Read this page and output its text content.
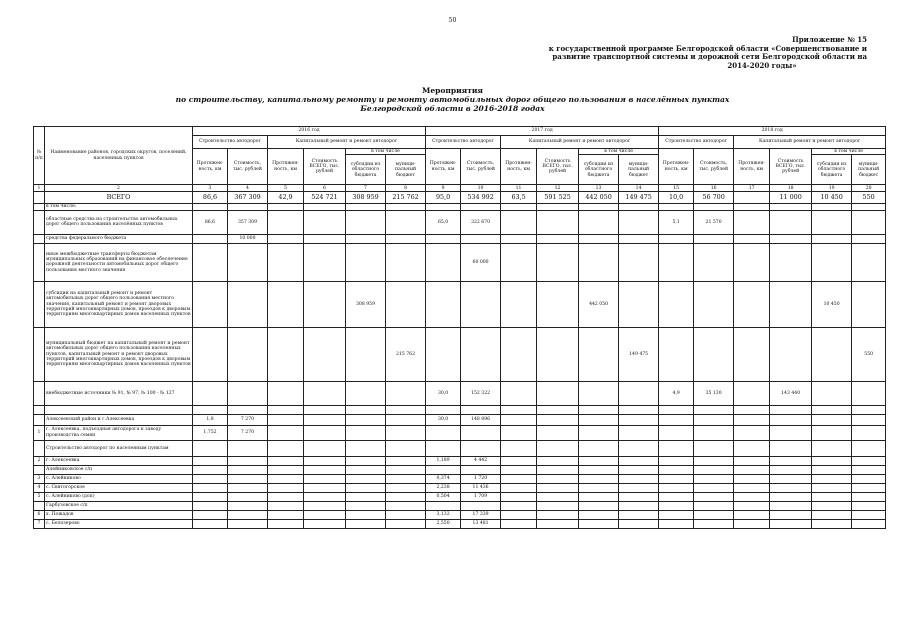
50
Приложение № 15
к государственной программе Белгородской области «Совершенствование и
развитие транспортной системы и дорожной сети Белгородской области на
2014-2020 годы»
Мероприятия
по строительству, капитальному ремонту и ремонту автомобильных дорог общего пользования в населённых пунктах
Белгородской области в 2016-2018 годах
№ п/п	Наименование районов, городских округов, поселений, населенных пунктов	2016 год						2017 год						2018 год					
		Строительство автодорог		Капитальный ремонт и ремонт автодорог				Строительство автодорог		Капитальный ремонт и ремонт автодорог				Строительство автодорог		Капитальный ремонт и ремонт автодорог			
		Протяжен-ность, км	Стоимость, тыс. рублей	Протяжен-ность, км	Стоимость ВСЕГО, тыс. рублей	в том числе		Протяжен-ность, км	Стоимость, тыс. рублей	Протяжен-ность, км	Стоимость ВСЕГО, тыс. рублей	в том числе		Протяжен-ность, км	Стоимость, тыс. рублей	Протяжен-ность, км	Стоимость ВСЕГО, тыс. рублей	в том числе	
						субсидии из областного бюджета	муници-пальный бюджет					субсидии из областного бюджета	муници-пальный бюджет					субсидии из областного бюджета	муници-пальный бюджет
1	2	3	4	5	6	7	8	9	10	11	12	13	14	15	16	17	18	19	20
	ВСЕГО	86,6	367 309	42,9	524 721	308 959	215 762	95,0	534 992	63,5	591 525	442 050	149 475	10,0	56 700		11 000	10 450	550
	в том числе:																		
	областные средства на строительство автомобильных дорог общего пользования населённых пунктов	86,6	357 309					65,0	322 670					5,1	21 570				
	средства федерального бюджета		10 000																
	иные межбюджетные трансферты бюджетам муниципальных образований на финансовое обеспечение дорожной деятельности автомобильных дорог общего пользования местного значения								60 000										
	субсидии на капитальный ремонт и ремонт автомобильных дорог общего пользования местного значения, капитальный ремонт и ремонт дворовых территорий многоквартирных домов, проездов к дворовым территориям многоквартирных домов населенных пунктов					308 959						442 050						10 450	
	муниципальный бюджет на капитальный ремонт и ремонт автомобильных дорог общего пользования населенных пунктов, капитальный ремонт и ремонт дворовых территорий многоквартирных домов, проездов к дворовым территориям многоквартирных домов населенных пунктов						215 762						149 475						550
	внебюджетные источники № 91, № 97, № 100 - № 127							30,0	152 322					4,9	35 130		143 440		

	Алексеевский район и г.Алексеевка	1,8	7 270					30,0	148 896										
1	г. Алексеевка, подъездная автодорога к заводу производства семян	1,752	7 270																
	Строительство автодорог по населенным пунктам																		
2	г. Алексеевка							1,189	4 442										
	Алейниковское с/п																		
3	с. Алейниково							0,374	1 720										
4	с. Святогорское							2,238	11 436										
5	с. Алейниково (доп)							0,504	1 709										
	Гарбузовское с/п																		
6	х. Пожадов							3,132	17 339										
7	с. Белозерово							2,550	13 481										
